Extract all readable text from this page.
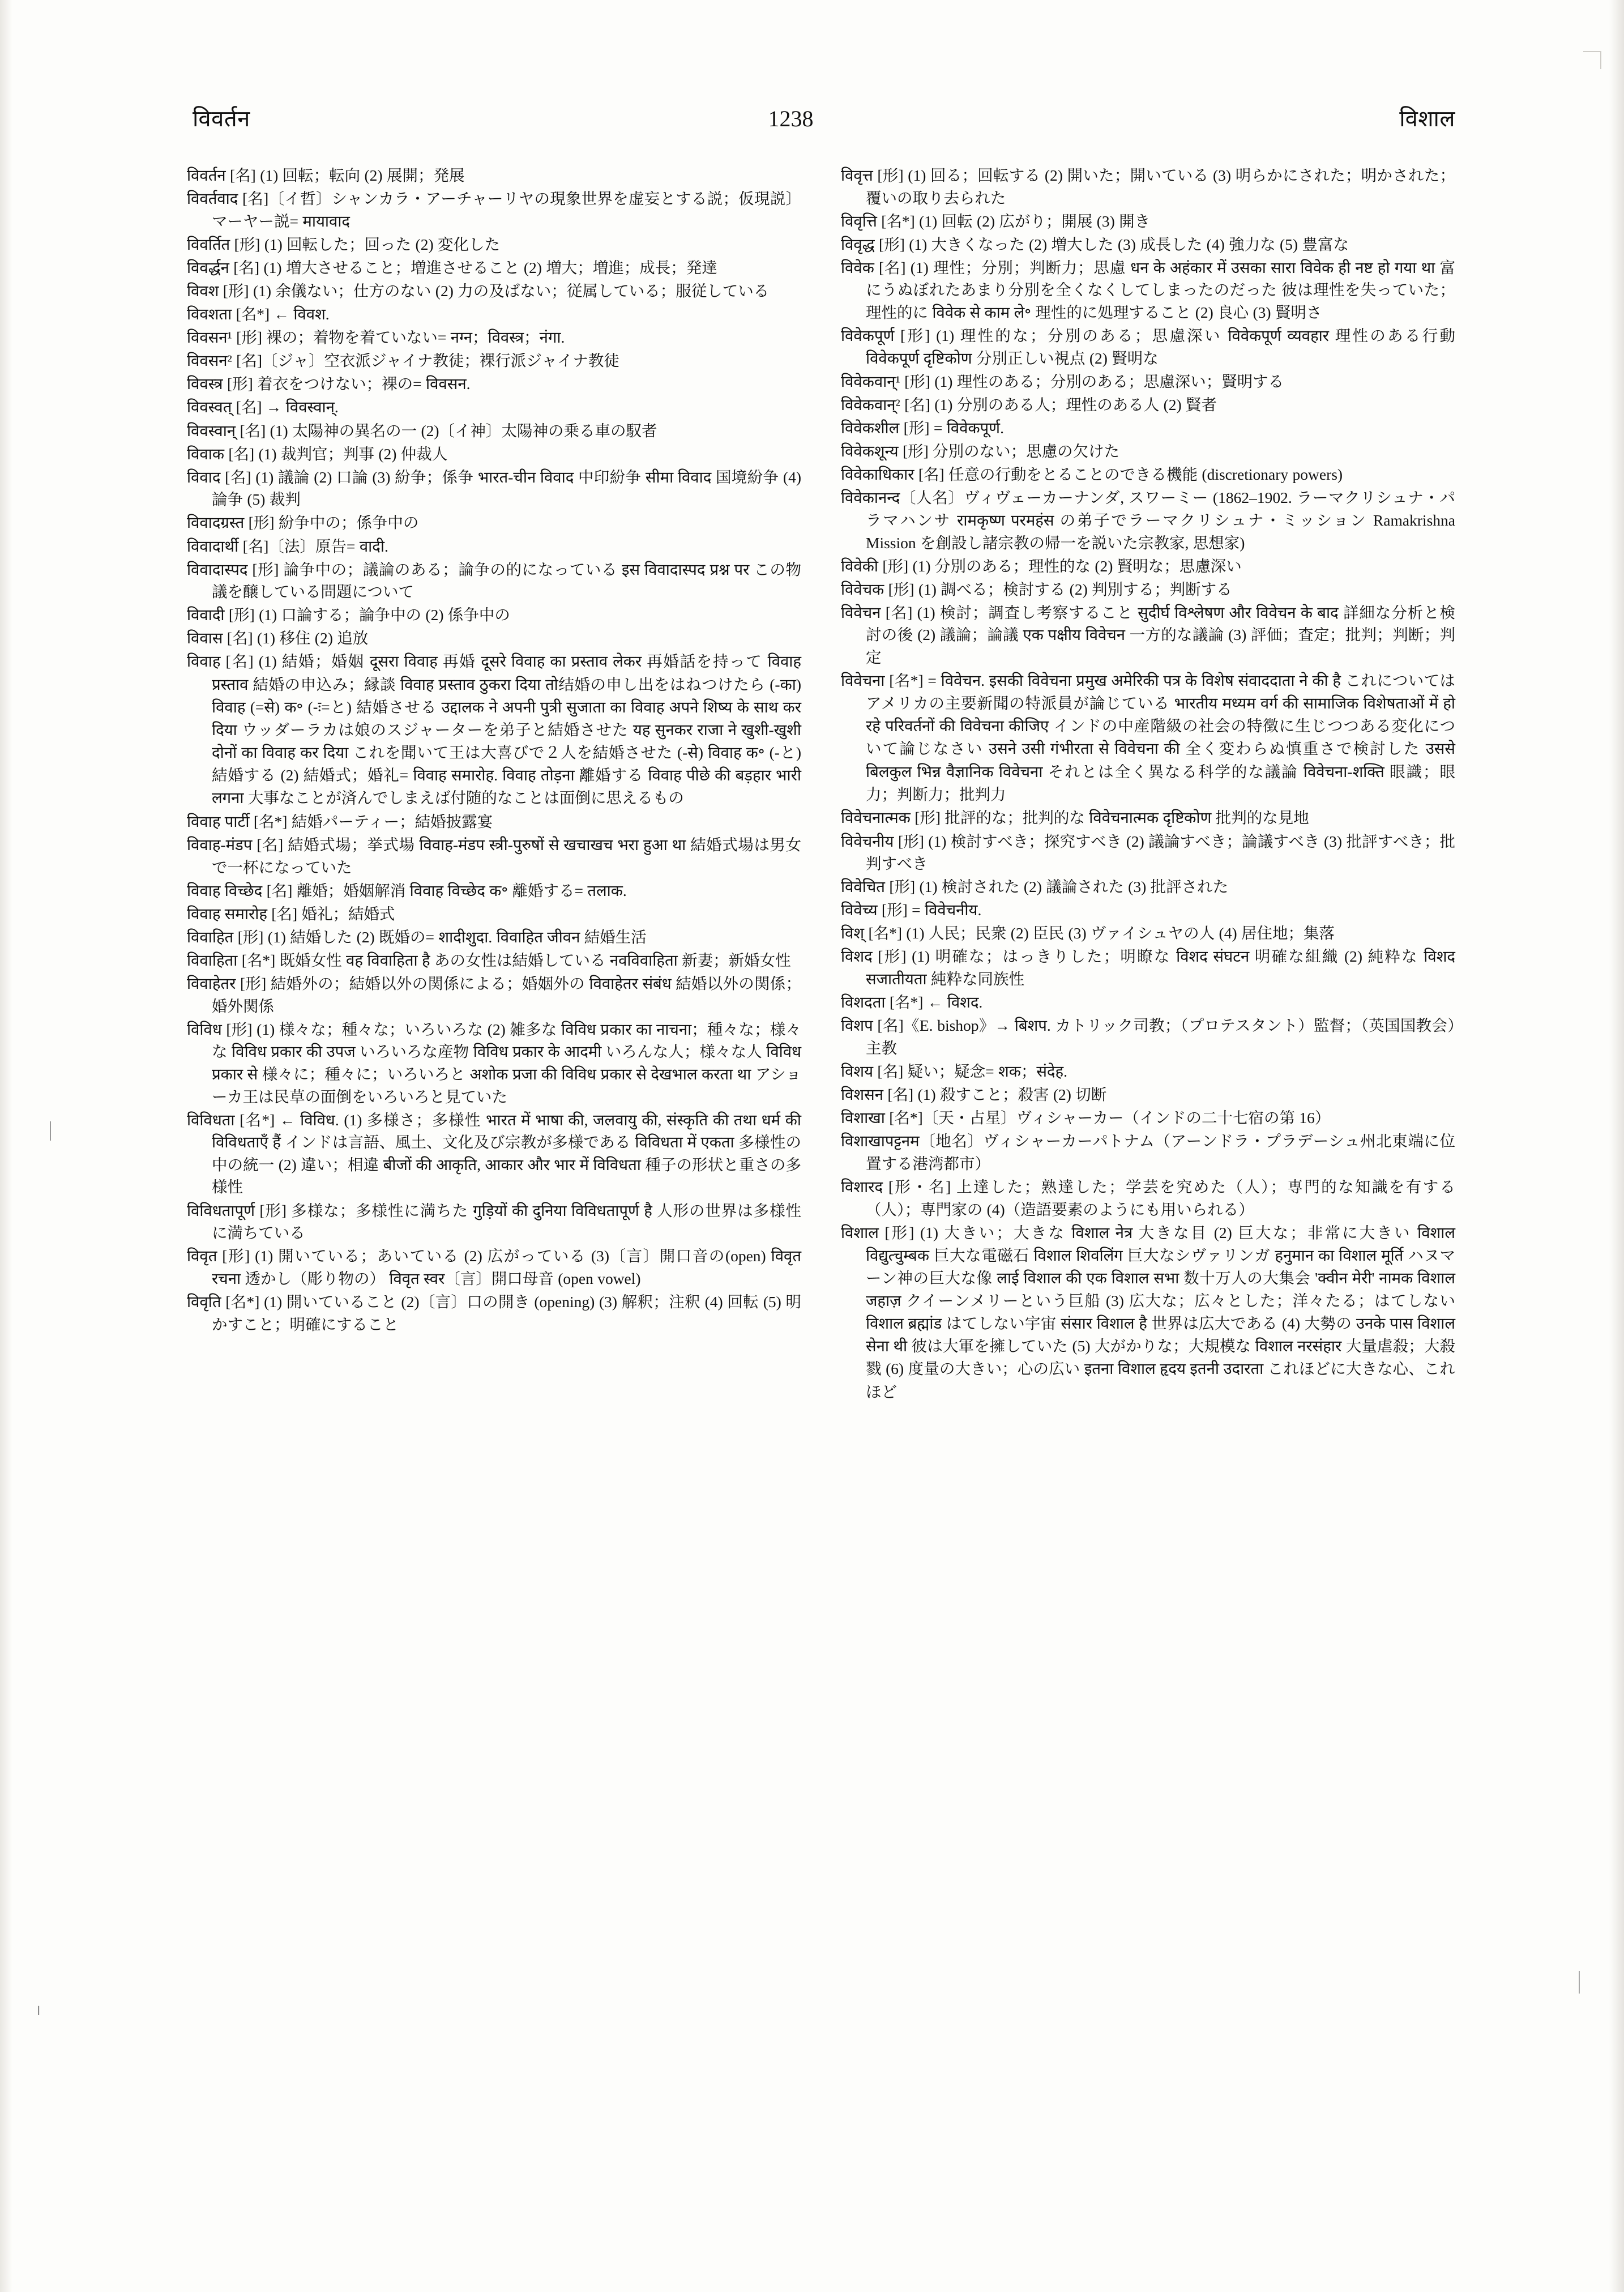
।
विवर्तन	1238	विशाल
विवर्तन [名] (1) 回転；転向 (2) 展開；発展
विवर्तवाद [名]〔イ哲〕シャンカラ・アーチャーリヤの現象世界を虚妄とする説；仮現説〕マーヤー説= मायावाद
विवर्तित [形] (1) 回転した；回った (2) 変化した
विवर्द्धन [名] (1) 増大させること；増進させること (2) 増大；増進；成長；発達
विवश [形] (1) 余儀ない；仕方のない (2) 力の及ばない；従属している；服従している
विवशता [名*] ← विवश.
विवसन¹ [形] 裸の；着物を着ていない= नग्न；विवस्त्र；नंगा.
विवसन² [名]〔ジャ〕空衣派ジャイナ教徒；裸行派ジャイナ教徒
विवस्त्र [形] 着衣をつけない；裸の= विवसन.
विवस्वत् [名] → विवस्वान्.
विवस्वान् [名] (1) 太陽神の異名の一 (2)〔イ神〕太陽神の乗る車の馭者
विवाक [名] (1) 裁判官；判事 (2) 仲裁人
विवाद [名] (1) 議論 (2) 口論 (3) 紛争；係争 भारत-चीन विवाद 中印紛争 सीमा विवाद 国境紛争 (4) 論争 (5) 裁判
विवादग्रस्त [形] 紛争中の；係争中の
विवादार्थी [名]〔法〕原告= वादी.
विवादास्पद [形] 論争中の；議論のある；論争の的になっている इस विवादास्पद प्रश्न पर この物議を醸している問題について
विवादी [形] (1) 口論する；論争中の (2) 係争中の
विवास [名] (1) 移住 (2) 追放
विवाह [名] (1) 結婚；婚姻 दूसरा विवाह 再婚 दूसरे विवाह का प्रस्ताव लेकर 再婚話を持って विवाह प्रस्ताव 結婚の申込み；縁談 विवाह प्रस्ताव ठुकरा दिया तो结婚の申し出をはねつけたら (-का) विवाह (=से) क॰ (-ः=と) 結婚させる उद्दालक ने अपनी पुत्री सुजाता का विवाह अपने शिष्य के साथ कर दिया ウッダーラカは娘のスジャーターを弟子と結婚させた यह सुनकर राजा ने खुशी-खुशी दोनों का विवाह कर दिया これを聞いて王は大喜びで２人を結婚させた (-से) विवाह क॰ (-と) 結婚する (2) 結婚式；婚礼= विवाह समारोह. विवाह तोड़ना 離婚する विवाह पीछे की बड़हार भारी लगना 大事なことが済んでしまえば付随的なことは面倒に思えるもの
विवाह पार्टी [名*] 結婚パーティー；結婚披露宴
विवाह-मंडप [名] 結婚式場；挙式場 विवाह-मंडप स्त्री-पुरुषों से खचाखच भरा हुआ था 結婚式場は男女で一杯になっていた
विवाह विच्छेद [名] 離婚；婚姻解消 विवाह विच्छेद क॰ 離婚する= तलाक.
विवाह समारोह [名] 婚礼；結婚式
विवाहित [形] (1) 結婚した (2) 既婚の= शादीशुदा. विवाहित जीवन 結婚生活
विवाहिता [名*] 既婚女性 वह विवाहिता है あの女性は結婚している नवविवाहिता 新妻；新婚女性
विवाहेतर [形] 結婚外の；結婚以外の関係による；婚姻外の विवाहेतर संबंध 結婚以外の関係；婚外関係
विविध [形] (1) 様々な；種々な；いろいろな (2) 雑多な विविध प्रकार का नाचना；種々な；様々な विविध प्रकार की उपज いろいろな産物 विविध प्रकार के आदमी いろんな人；様々な人 विविध प्रकार से 様々に；種々に；いろいろと अशोक प्रजा की विविध प्रकार से देखभाल करता था アショーカ王は民草の面倒をいろいろと見ていた
विविधता [名*] ← विविध. (1) 多様さ；多様性 भारत में भाषा की, जलवायु की, संस्कृति की तथा धर्म की विविधताएँ हैं インドは言語、風土、文化及び宗教が多様である विविधता में एकता 多様性の中の統一 (2) 違い；相違 बीजों की आकृति, आकार और भार में विविधता 種子の形状と重さの多様性
विविधतापूर्ण [形] 多様な；多様性に満ちた गुड़ियों की दुनिया विविधतापूर्ण है 人形の世界は多様性に満ちている
विवृत [形] (1) 開いている；あいている (2) 広がっている (3)〔言〕開口音の(open) विवृत रचना 透かし（彫り物の） विवृत स्वर〔言〕開口母音 (open vowel)
विवृति [名*] (1) 開いていること (2)〔言〕口の開き (opening) (3) 解釈；注釈 (4) 回転 (5) 明かすこと；明確にすること
विवृत्त [形] (1) 回る；回転する (2) 開いた；開いている (3) 明らかにされた；明かされた；覆いの取り去られた
विवृत्ति [名*] (1) 回転 (2) 広がり；開展 (3) 開き
विवृद्ध [形] (1) 大きくなった (2) 増大した (3) 成長した (4) 強力な (5) 豊富な
विवेक [名] (1) 理性；分別；判断力；思慮 धन के अहंकार में उसका सारा विवेक ही नष्ट हो गया था 富にうぬぼれたあまり分別を全くなくしてしまったのだった 彼は理性を失っていた；理性的に विवेक से काम ले॰ 理性的に処理すること (2) 良心 (3) 賢明さ
विवेकपूर्ण [形] (1) 理性的な；分別のある；思慮深い विवेकपूर्ण व्यवहार 理性のある行動 विवेकपूर्ण दृष्टिकोण 分別正しい視点 (2) 賢明な
विवेकवान्¹ [形] (1) 理性のある；分別のある；思慮深い；賢明する
विवेकवान्² [名] (1) 分別のある人；理性のある人 (2) 賢者
विवेकशील [形] = विवेकपूर्ण.
विवेकशून्य [形] 分別のない；思慮の欠けた
विवेकाधिकार [名] 任意の行動をとることのできる機能 (discretionary powers)
विवेकानन्द〔人名〕ヴィヴェーカーナンダ, スワーミー (1862–1902. ラーマクリシュナ・パラマハンサ रामकृष्ण परमहंस の弟子でラーマクリシュナ・ミッション Ramakrishna Mission を創設し諸宗教の帰一を説いた宗教家, 思想家)
विवेकी [形] (1) 分別のある；理性的な (2) 賢明な；思慮深い
विवेचक [形] (1) 調べる；検討する (2) 判別する；判断する
विवेचन [名] (1) 検討；調査し考察すること सुदीर्घ विश्लेषण और विवेचन के बाद 詳細な分析と検討の後 (2) 議論；論議 एक पक्षीय विवेचन 一方的な議論 (3) 評価；査定；批判；判断；判定
विवेचना [名*] = विवेचन. इसकी विवेचना प्रमुख अमेरिकी पत्र के विशेष संवाददाता ने की है これについてはアメリカの主要新聞の特派員が論じている भारतीय मध्यम वर्ग की सामाजिक विशेषताओं में हो रहे परिवर्तनों की विवेचना कीजिए インドの中産階級の社会の特徴に生じつつある変化について論じなさい उसने उसी गंभीरता से विवेचना की 全く変わらぬ慎重さで検討した उससे बिलकुल भिन्न वैज्ञानिक विवेचना それとは全く異なる科学的な議論 विवेचना-शक्ति 眼識；眼力；判断力；批判力
विवेचनात्मक [形] 批評的な；批判的な विवेचनात्मक दृष्टिकोण 批判的な見地
विवेचनीय [形] (1) 検討すべき；探究すべき (2) 議論すべき；論議すべき (3) 批評すべき；批判すべき
विवेचित [形] (1) 検討された (2) 議論された (3) 批評された
विवेच्य [形] = विवेचनीय.
विश् [名*] (1) 人民；民衆 (2) 臣民 (3) ヴァイシュヤの人 (4) 居住地；集落
विशद [形] (1) 明確な；はっきりした；明瞭な विशद संघटन 明確な組織 (2) 純粋な विशद सजातीयता 純粋な同族性
विशदता [名*] ← विशद.
विशप [名]《E. bishop》→ बिशप. カトリック司教；（プロテスタント）監督；（英国国教会）主教
विशय [名] 疑い；疑念= शक；संदेह.
विशसन [名] (1) 殺すこと；殺害 (2) 切断
विशाखा [名*]〔天・占星〕ヴィシャーカー（インドの二十七宿の第 16）
विशाखापट्टनम〔地名〕ヴィシャーカーパトナム（アーンドラ・プラデーシュ州北東端に位置する港湾都市）
विशारद [形・名] 上達した；熟達した；学芸を究めた（人）；専門的な知識を有する（人）；専門家の (4)（造語要素のようにも用いられる）
विशाल [形] (1) 大きい；大きな विशाल नेत्र 大きな目 (2) 巨大な；非常に大きい विशाल विद्युत्चुम्बक 巨大な電磁石 विशाल शिवलिंग 巨大なシヴァリンガ हनुमान का विशाल मूर्ति ハヌマーン神の巨大な像 लाई विशाल की एक विशाल सभा 数十万人の大集会 'क्वीन मेरी' नामक विशाल जहाज़ クイーンメリーという巨船 (3) 広大な；広々とした；洋々たる；はてしない विशाल ब्रह्मांड はてしない宇宙 संसार विशाल है 世界は広大である (4) 大勢の उनके पास विशाल सेना थी 彼は大軍を擁していた (5) 大がかりな；大規模な विशाल नरसंहार 大量虐殺；大殺戮 (6) 度量の大きい；心の広い इतना विशाल हृदय इतनी उदारता これほどに大きな心、これほど
